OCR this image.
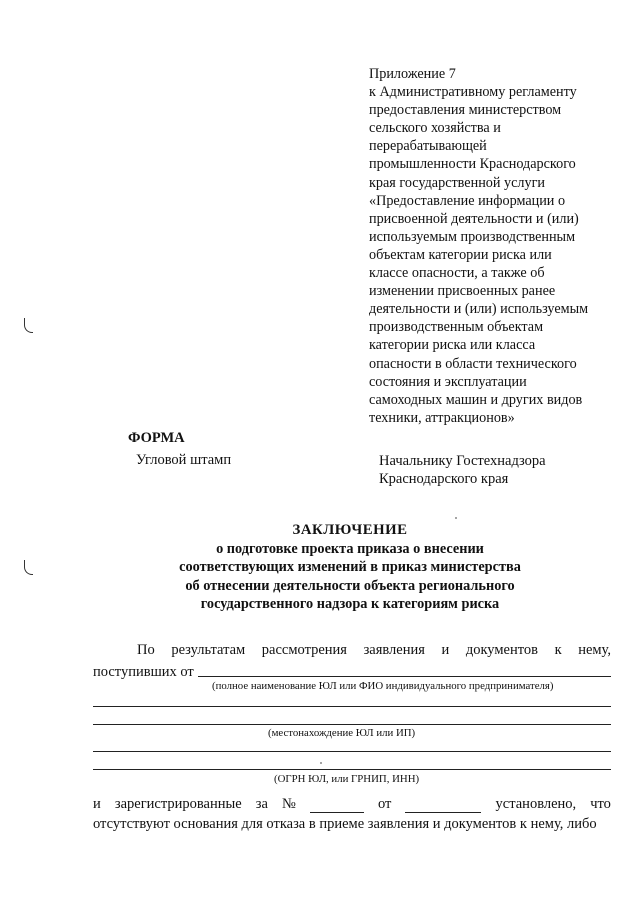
Приложение 7
к Административному регламенту
предоставления министерством
сельского хозяйства и
перерабатывающей
промышленности Краснодарского
края государственной услуги
«Предоставление информации о
присвоенной деятельности и (или)
используемым производственным
объектам категории риска или
классе опасности, а также об
изменении присвоенных ранее
деятельности и (или) используемым
производственным объектам
категории риска или класса
опасности в области технического
состояния и эксплуатации
самоходных машин и других видов
техники, аттракционов»
ФОРМА
Угловой штамп	Начальнику Гостехнадзора
Краснодарского края
ЗАКЛЮЧЕНИЕ
о подготовке проекта приказа о внесении
соответствующих изменений в приказ министерства
об отнесении деятельности объекта регионального
государственного надзора к категориям риска
По результатам рассмотрения заявления и документов к нему,
поступивших от
(полное наименование ЮЛ или ФИО индивидуального предпринимателя)
(местонахождение ЮЛ или ИП)
(ОГРН ЮЛ, или ГРНИП, ИНН)
и зарегистрированные за №	от	установлено, что
отсутствуют основания для отказа в приеме заявления и документов к нему, либо
